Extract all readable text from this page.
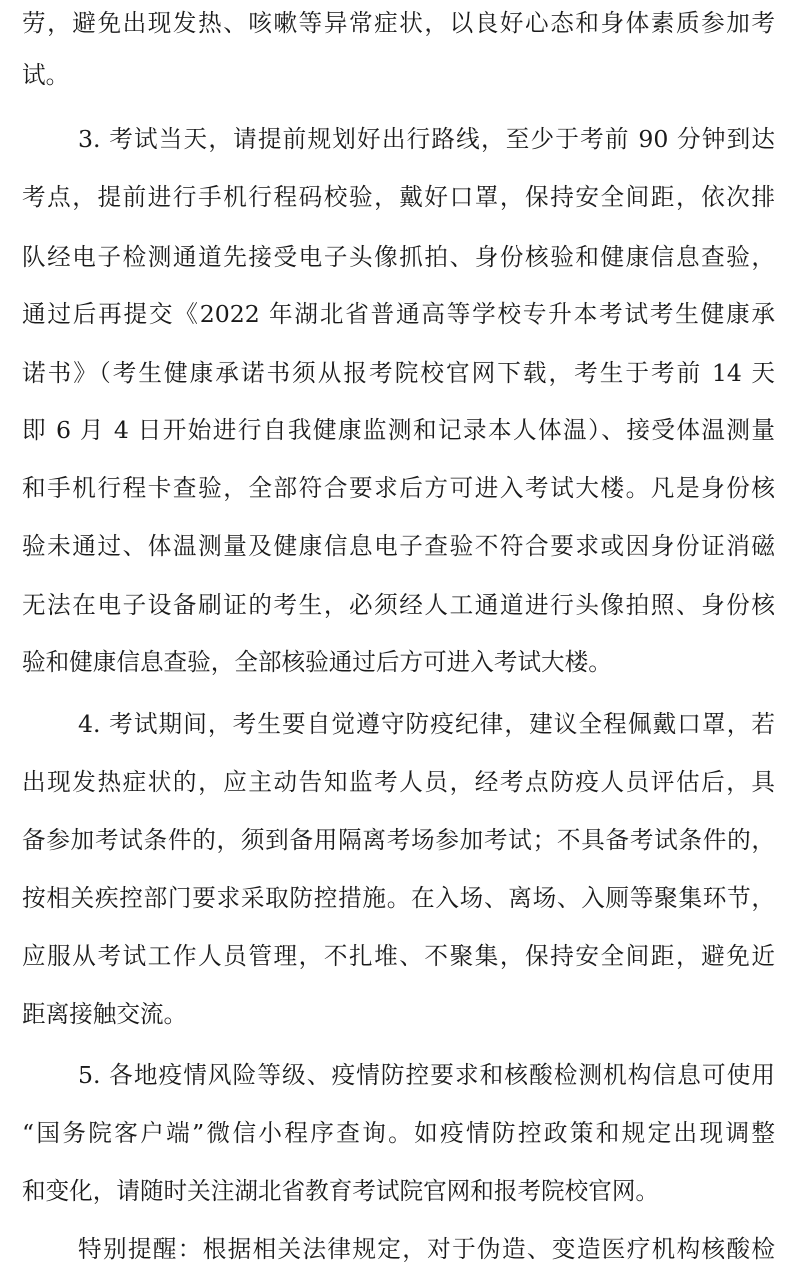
劳，避免出现发热、咳嗽等异常症状，以良好心态和身体素质参加考
试。
3. 考试当天，请提前规划好出行路线，至少于考前 90 分钟到达
考点，提前进行手机行程码校验，戴好口罩，保持安全间距，依次排
队经电子检测通道先接受电子头像抓拍、身份核验和健康信息查验，
通过后再提交《2022 年湖北省普通高等学校专升本考试考生健康承
诺书》（考生健康承诺书须从报考院校官网下载，考生于考前 14 天
即 6 月 4 日开始进行自我健康监测和记录本人体温）、接受体温测量
和手机行程卡查验，全部符合要求后方可进入考试大楼。凡是身份核
验未通过、体温测量及健康信息电子查验不符合要求或因身份证消磁
无法在电子设备刷证的考生，必须经人工通道进行头像拍照、身份核
验和健康信息查验，全部核验通过后方可进入考试大楼。
4. 考试期间，考生要自觉遵守防疫纪律，建议全程佩戴口罩，若
出现发热症状的，应主动告知监考人员，经考点防疫人员评估后，具
备参加考试条件的，须到备用隔离考场参加考试；不具备考试条件的，
按相关疾控部门要求采取防控措施。在入场、离场、入厕等聚集环节，
应服从考试工作人员管理，不扎堆、不聚集，保持安全间距，避免近
距离接触交流。
5. 各地疫情风险等级、疫情防控要求和核酸检测机构信息可使用
“国务院客户端”微信小程序查询。如疫情防控政策和规定出现调整
和变化，请随时关注湖北省教育考试院官网和报考院校官网。
特别提醒：根据相关法律规定，对于伪造、变造医疗机构核酸检
